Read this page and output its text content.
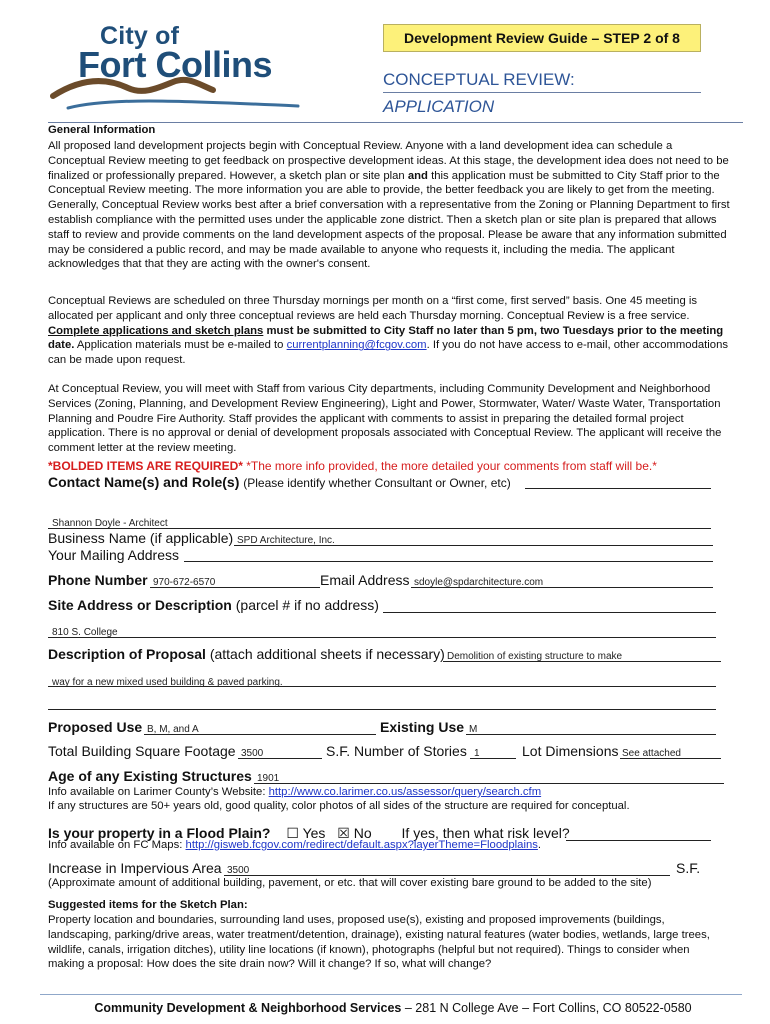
City of
Fort Collins
Development Review Guide – STEP 2 of 8
CONCEPTUAL REVIEW:
APPLICATION
General Information
All proposed land development projects begin with Conceptual Review. Anyone with a land development idea can schedule a Conceptual Review meeting to get feedback on prospective development ideas. At this stage, the development idea does not need to be finalized or professionally prepared. However, a sketch plan or site plan and this application must be submitted to City Staff prior to the Conceptual Review meeting. The more information you are able to provide, the better feedback you are likely to get from the meeting. Generally, Conceptual Review works best after a brief conversation with a representative from the Zoning or Planning Department to first establish compliance with the permitted uses under the applicable zone district. Then a sketch plan or site plan is prepared that allows staff to review and provide comments on the land development aspects of the proposal. Please be aware that any information submitted may be considered a public record, and may be made available to anyone who requests it, including the media. The applicant acknowledges that that they are acting with the owner's consent.
Conceptual Reviews are scheduled on three Thursday mornings per month on a “first come, first served” basis. One 45 meeting is allocated per applicant and only three conceptual reviews are held each Thursday morning. Conceptual Review is a free service. Complete applications and sketch plans must be submitted to City Staff no later than 5 pm, two Tuesdays prior to the meeting date. Application materials must be e-mailed to currentplanning@fcgov.com. If you do not have access to e-mail, other accommodations can be made upon request.
At Conceptual Review, you will meet with Staff from various City departments, including Community Development and Neighborhood Services (Zoning, Planning, and Development Review Engineering), Light and Power, Stormwater, Water/ Waste Water, Transportation Planning and Poudre Fire Authority. Staff provides the applicant with comments to assist in preparing the detailed formal project application. There is no approval or denial of development proposals associated with Conceptual Review. The applicant will receive the comment letter at the review meeting.
*BOLDED ITEMS ARE REQUIRED* *The more info provided, the more detailed your comments from staff will be.*
Contact Name(s) and Role(s) (Please identify whether Consultant or Owner, etc)
Shannon Doyle - Architect
Business Name (if applicable) SPD Architecture, Inc.
Your Mailing Address
Phone Number 970-672-6570	Email Address sdoyle@spdarchitecture.com
Site Address or Description (parcel # if no address)
810 S. College
Description of Proposal (attach additional sheets if necessary) Demolition of existing structure to make
way for a new mixed used building & paved parking.
Proposed Use B, M, and A	Existing Use M
Total Building Square Footage 3500	S.F. Number of Stories 1	Lot Dimensions See attached
Age of any Existing Structures 1901
Info available on Larimer County’s Website: http://www.co.larimer.co.us/assessor/query/search.cfm
If any structures are 50+ years old, good quality, color photos of all sides of the structure are required for conceptual.
Is your property in a Flood Plain? ☐ Yes ☒ No If yes, then what risk level?
Info available on FC Maps: http://gisweb.fcgov.com/redirect/default.aspx?layerTheme=Floodplains.
Increase in Impervious Area 3500	S.F.
(Approximate amount of additional building, pavement, or etc. that will cover existing bare ground to be added to the site)
Suggested items for the Sketch Plan:
Property location and boundaries, surrounding land uses, proposed use(s), existing and proposed improvements (buildings, landscaping, parking/drive areas, water treatment/detention, drainage), existing natural features (water bodies, wetlands, large trees, wildlife, canals, irrigation ditches), utility line locations (if known), photographs (helpful but not required). Things to consider when making a proposal: How does the site drain now? Will it change? If so, what will change?
Community Development & Neighborhood Services – 281 N College Ave – Fort Collins, CO 80522-0580
